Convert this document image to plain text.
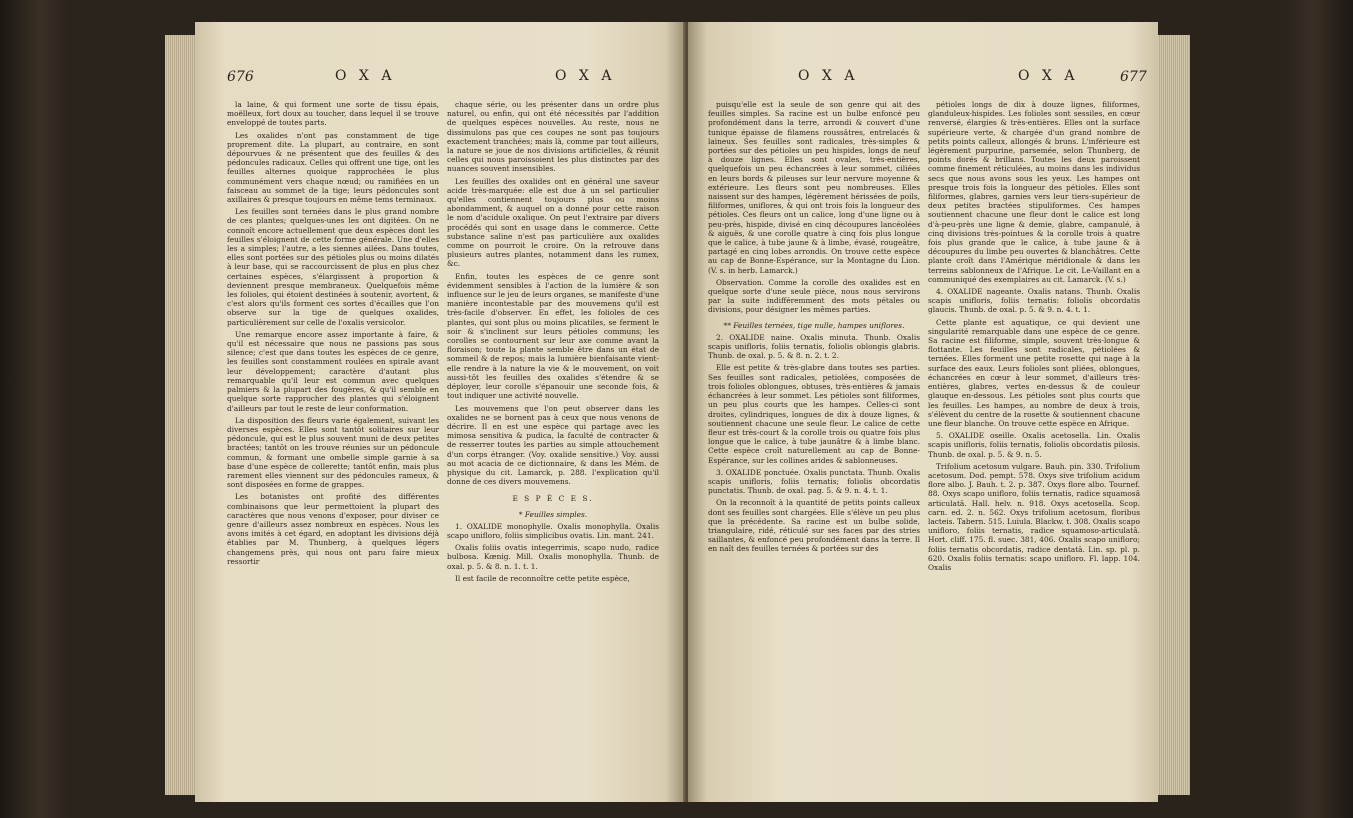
676	O X A	O X A

la laine, & qui forment une sorte de tissu épais, moëlleux, fort doux au toucher, dans lequel il se trouve enveloppé de toutes parts.

Les oxalides n'ont pas constamment de tige proprement dite. La plupart, au contraire, en sont dépourvues & ne présentent que des feuilles & des pédoncules radicaux. Celles qui offrent une tige, ont les feuilles alternes quoique rapprochées le plus communément vers chaque nœud; ou ramifiées en un faisceau au sommet de la tige; leurs pédoncules sont axillaires & presque toujours en même tems terminaux.

Les feuilles sont ternées dans le plus grand nombre de ces plantes; quelques-unes les ont digitées. On ne connoît encore actuellement que deux espèces dont les feuilles s'éloignent de cette forme générale. Une d'elles les a simples; l'autre, a les siennes ailées. Dans toutes, elles sont portées sur des pétioles plus ou moins dilatés à leur base, qui se raccourcissent de plus en plus chez certaines espèces, s'élargissent à proportion & deviennent presque membraneux. Quelquefois même les folioles, qui étoient destinées à soutenir, avortent, & c'est alors qu'ils forment ces sortes d'écailles que l'on observe sur la tige de quelques oxalides, particulièrement sur celle de l'oxalis versicolor.

Une remarque encore assez importante à faire, & qu'il est nécessaire que nous ne passions pas sous silence; c'est que dans toutes les espèces de ce genre, les feuilles sont constamment roulées en spirale avant leur développement; caractère d'autant plus remarquable qu'il leur est commun avec quelques palmiers & la plupart des fougères, & qu'il semble en quelque sorte rapprocher des plantes qui s'éloignent d'ailleurs par tout le reste de leur conformation.

La disposition des fleurs varie également, suivant les diverses espèces. Elles sont tantôt solitaires sur leur pédoncule, qui est le plus souvent muni de deux petites bractées; tantôt on les trouve réunies sur un pédoncule commun, & formant une ombelle simple garnie à sa base d'une espèce de collerette; tantôt enfin, mais plus rarement elles viennent sur des pédoncules rameux, & sont disposées en forme de grappes.

Les botanistes ont profité des différentes combinaisons que leur permettoient la plupart des caractères que nous venons d'exposer, pour diviser ce genre d'ailleurs assez nombreux en espèces. Nous les avons imités à cet égard, en adoptant les divisions déjà établies par M. Thunberg, à quelques légers changemens près, qui nous ont paru faire mieux ressortir

chaque série, ou les présenter dans un ordre plus naturel, ou enfin, qui ont été nécessités par l'addition de quelques espèces nouvelles. Au reste, nous ne dissimulons pas que ces coupes ne sont pas toujours exactement tranchées; mais là, comme par tout ailleurs, la nature se joue de nos divisions artificielles, & réunit celles qui nous paroissoient les plus distinctes par des nuances souvent insensibles.

Les feuilles des oxalides ont en général une saveur acide très-marquée: elle est due à un sel particulier qu'elles contiennent toujours plus ou moins abondamment, & auquel on a donné pour cette raison le nom d'acidule oxalique. On peut l'extraire par divers procédés qui sont en usage dans le commerce. Cette substance saline n'est pas particulière aux oxalides comme on pourroit le croire. On la retrouve dans plusieurs autres plantes, notamment dans les rumex, &c.

Enfin, toutes les espèces de ce genre sont évidemment sensibles à l'action de la lumière & son influence sur le jeu de leurs organes, se manifeste d'une manière incontestable par des mouvemens qu'il est très-facile d'observer. En effet, les folioles de ces plantes, qui sont plus ou moins plicatiles, se ferment le soir & s'inclinent sur leurs pétioles communs; les corolles se contournent sur leur axe comme avant la floraison; toute la plante semble être dans un état de sommeil & de repos; mais la lumière bienfaisante vient-elle rendre à la nature la vie & le mouvement, on voit aussi-tôt les feuilles des oxalides s'étendre & se déployer, leur corolle s'épanouir une seconde fois, & tout indiquer une activité nouvelle.

Les mouvemens que l'on peut observer dans les oxalides ne se bornent pas à ceux que nous venons de décrire. Il en est une espèce qui partage avec les mimosa sensitiva & pudica, la faculté de contracter & de resserrer toutes les parties au simple attouchement d'un corps étranger. (Voy. oxalide sensitive.) Voy. aussi au mot acacia de ce dictionnaire, & dans les Mém. de physique du cit. Lamarck, p. 288. l'explication qu'il donne de ces divers mouvemens.

E S P È C E S.

* Feuilles simples.

1. OXALIDE monophylle. Oxalis monophylla. Oxalis scapo unifloro, foliis simplicibus ovatis. Lin. mant. 241.

Oxalis foliis ovatis integerrimis, scapo nudo, radice bulbosa. Kœnig. Mill. Oxalis monophylla. Thunb. de oxal. p. 5. & 8. n. 1. t. 1.

Il est facile de reconnoître cette petite espèce,

O X A	O X A	677

puisqu'elle est la seule de son genre qui ait des feuilles simples. Sa racine est un bulbe enfoncé peu profondément dans la terre, arrondi & couvert d'une tunique épaisse de filamens roussâtres, entrelacés & laineux. Ses feuilles sont radicales, très-simples & portées sur des pétioles un peu hispides, longs de neuf à douze lignes. Elles sont ovales, très-entières, quelquefois un peu échancrées à leur sommet, ciliées en leurs bords & pileuses sur leur nervure moyenne & extérieure. Les fleurs sont peu nombreuses. Elles naissent sur des hampes, légèrement hérissées de poils, filiformes, uniflores, & qui ont trois fois la longueur des pétioles. Ces fleurs ont un calice, long d'une ligne ou à peu-près, hispide, divisé en cinq découpures lancéolées & aiguës, & une corolle quatre à cinq fois plus longue que le calice, à tube jaune & à limbe, évasé, rougeâtre, partagé en cinq lobes arrondis. On trouve cette espèce au cap de Bonne-Espérance, sur la Montagne du Lion. (V. s. in herb. Lamarck.)

Observation. Comme la corolle des oxalides est en quelque sorte d'une seule pièce, nous nous servirons par la suite indifféremment des mots pétales ou divisions, pour désigner les mêmes parties.

** Feuilles ternées, tige nulle, hampes uniflores.

2. OXALIDE naine. Oxalis minuta. Thunb. Oxalis scapis unifloris, foliis ternatis, foliolis oblongis glabris. Thunb. de oxal. p. 5. & 8. n. 2. t. 2.

Elle est petite & très-glabre dans toutes ses parties. Ses feuilles sont radicales, petiolées, composées de trois folioles oblongues, obtuses, très-entières & jamais échancrées à leur sommet. Les pétioles sont filiformes, un peu plus courts que les hampes. Celles-ci sont droites, cylindriques, longues de dix à douze lignes, & soutiennent chacune une seule fleur. Le calice de cette fleur est très-court & la corolle trois ou quatre fois plus longue que le calice, à tube jaunâtre & à limbe blanc. Cette espèce croît naturellement au cap de Bonne-Espérance, sur les collines arides & sablonneuses.

3. OXALIDE ponctuée. Oxalis punctata. Thunb. Oxalis scapis unifloris, foliis ternatis; foliolis obcordatis punctatis. Thunb. de oxal. pag. 5. & 9. n. 4. t. 1.

On la reconnoît à la quantité de petits points calleux dont ses feuilles sont chargées. Elle s'élève un peu plus que la précédente. Sa racine est un bulbe solide, triangulaire, ridé, réticulé sur ses faces par des stries saillantes, & enfoncé peu profondément dans la terre. Il en naît des feuilles ternées & portées sur des

pétioles longs de dix à douze lignes, filiformes, glanduleux-hispides. Les folioles sont sessiles, en cœur renversé, élargies & très-entières. Elles ont la surface supérieure verte, & chargée d'un grand nombre de petits points calleux, allongés & bruns. L'inférieure est légèrement purpurine, parsemée, selon Thunberg, de points dorés & brillans. Toutes les deux paroissent comme finement réticulées, au moins dans les individus secs que nous avons sous les yeux. Les hampes ont presque trois fois la longueur des pétioles. Elles sont filiformes, glabres, garnies vers leur tiers-supérieur de deux petites bractées stipuliformes. Ces hampes soutiennent chacune une fleur dont le calice est long d'à-peu-près une ligne & demie, glabre, campanulé, à cinq divisions très-pointues & la corolle trois à quatre fois plus grande que le calice, à tube jaune & à découpures du limbe peu ouvertes & blanchâtres. Cette plante croît dans l'Amérique méridionale & dans les terreins sablonneux de l'Afrique. Le cit. Le-Vaillant en a communiqué des exemplaires au cit. Lamarck. (V. s.)

4. OXALIDE nageante. Oxalis natans. Thunb. Oxalis scapis unifloris, foliis ternatis: foliolis obcordatis glaucis. Thunb. de oxal. p. 5. & 9. n. 4. t. 1.

Cette plante est aquatique, ce qui devient une singularité remarquable dans une espèce de ce genre. Sa racine est filiforme, simple, souvent très-longue & flottante. Les feuilles sont radicales, pétiolées & ternées. Elles forment une petite rosette qui nage à la surface des eaux. Leurs folioles sont pliées, oblongues, échancrées en cœur à leur sommet, d'ailleurs très-entières, glabres, vertes en-dessus & de couleur glauque en-dessous. Les pétioles sont plus courts que les feuilles. Les hampes, au nombre de deux à trois, s'élèvent du centre de la rosette & soutiennent chacune une fleur blanche. On trouve cette espèce en Afrique.

5. OXALIDE oseille. Oxalis acetosella. Lin. Oxalis scapis unifloris, foliis ternatis, foliolis obcordatis pilosis. Thunb. de oxal. p. 5. & 9. n. 5.

Trifolium acetosum vulgare. Bauh. pin. 330. Trifolium acetosum. Dod. pempt. 578. Oxys sive trifolium acidum flore albo. J. Bauh. t. 2. p. 387. Oxys flore albo. Tournef. 88. Oxys scapo unifloro, foliis ternatis, radice squamosâ articulatâ. Hall. helv. n. 918. Oxys acetosella. Scop. carn. ed. 2. n. 562. Oxys trifolium acetosum, floribus lacteis. Tabern. 515. Luiula. Blackw. t. 308. Oxalis scapo unifloro, foliis ternatis, radice squamoso-articulatâ. Hort. cliff. 175. fl. suec. 381, 406. Oxalis scapo unifloro; foliis ternatis obcordatis, radice dentatâ. Lin. sp. pl. p. 620. Oxalis foliis ternatis: scapo unifloro. Fl. lapp. 104. Oxalis
